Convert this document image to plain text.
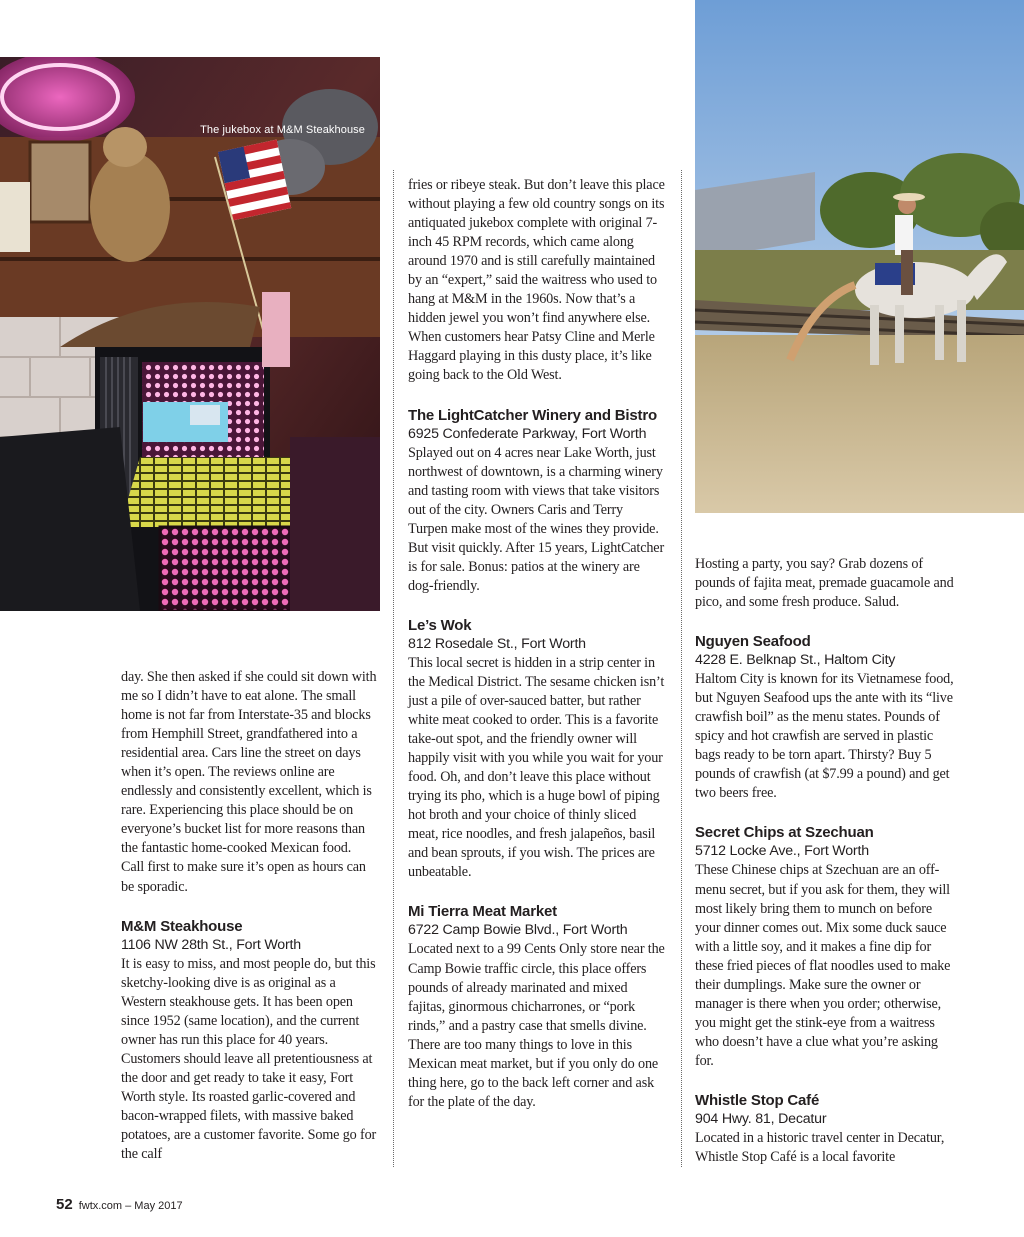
The jukebox at M&M Steakhouse

day. She then asked if she could sit down with me so I didn’t have to eat alone. The small home is not far from Interstate-35 and blocks from Hemphill Street, grandfathered into a residential area. Cars line the street on days when it’s open. The reviews online are endlessly and consistently excellent, which is rare. Experiencing this place should be on everyone’s bucket list for more reasons than the fantastic home-cooked Mexican food. Call first to make sure it’s open as hours can be sporadic.

M&M Steakhouse
1106 NW 28th St., Fort Worth

It is easy to miss, and most people do, but this sketchy-looking dive is as original as a Western steakhouse gets. It has been open since 1952 (same location), and the current owner has run this place for 40 years. Customers should leave all pretentiousness at the door and get ready to take it easy, Fort Worth style. Its roasted garlic-covered and bacon-wrapped filets, with massive baked potatoes, are a customer favorite. Some go for the calf

fries or ribeye steak. But don’t leave this place without playing a few old country songs on its antiquated jukebox complete with original 7-inch 45 RPM records, which came along around 1970 and is still carefully maintained by an “expert,” said the waitress who used to hang at M&M in the 1960s. Now that’s a hidden jewel you won’t find anywhere else. When customers hear Patsy Cline and Merle Haggard playing in this dusty place, it’s like going back to the Old West.

The LightCatcher Winery and Bistro
6925 Confederate Parkway, Fort Worth

Splayed out on 4 acres near Lake Worth, just northwest of downtown, is a charming winery and tasting room with views that take visitors out of the city. Owners Caris and Terry Turpen make most of the wines they provide. But visit quickly. After 15 years, LightCatcher is for sale. Bonus: patios at the winery are dog-friendly.

Le’s Wok
812 Rosedale St., Fort Worth

This local secret is hidden in a strip center in the Medical District. The sesame chicken isn’t just a pile of over-sauced batter, but rather white meat cooked to order. This is a favorite take-out spot, and the friendly owner will happily visit with you while you wait for your food. Oh, and don’t leave this place without trying its pho, which is a huge bowl of piping hot broth and your choice of thinly sliced meat, rice noodles, and fresh jalapeños, basil and bean sprouts, if you wish. The prices are unbeatable.

Mi Tierra Meat Market
6722 Camp Bowie Blvd., Fort Worth

Located next to a 99 Cents Only store near the Camp Bowie traffic circle, this place offers pounds of already marinated and mixed fajitas, ginormous chicharrones, or “pork rinds,” and a pastry case that smells divine. There are too many things to love in this Mexican meat market, but if you only do one thing here, go to the back left corner and ask for the plate of the day.

Hosting a party, you say? Grab dozens of pounds of fajita meat, premade guacamole and pico, and some fresh produce. Salud.

Nguyen Seafood
4228 E. Belknap St., Haltom City

Haltom City is known for its Vietnamese food, but Nguyen Seafood ups the ante with its “live crawfish boil” as the menu states. Pounds of spicy and hot crawfish are served in plastic bags ready to be torn apart. Thirsty? Buy 5 pounds of crawfish (at $7.99 a pound) and get two beers free.

Secret Chips at Szechuan
5712 Locke Ave., Fort Worth

These Chinese chips at Szechuan are an off-menu secret, but if you ask for them, they will most likely bring them to munch on before your dinner comes out. Mix some duck sauce with a little soy, and it makes a fine dip for these fried pieces of flat noodles used to make their dumplings. Make sure the owner or manager is there when you order; otherwise, you might get the stink-eye from a waitress who doesn’t have a clue what you’re asking for.

Whistle Stop Café
904 Hwy. 81, Decatur

Located in a historic travel center in Decatur, Whistle Stop Café is a local favorite

52 fwtx.com – May 2017
